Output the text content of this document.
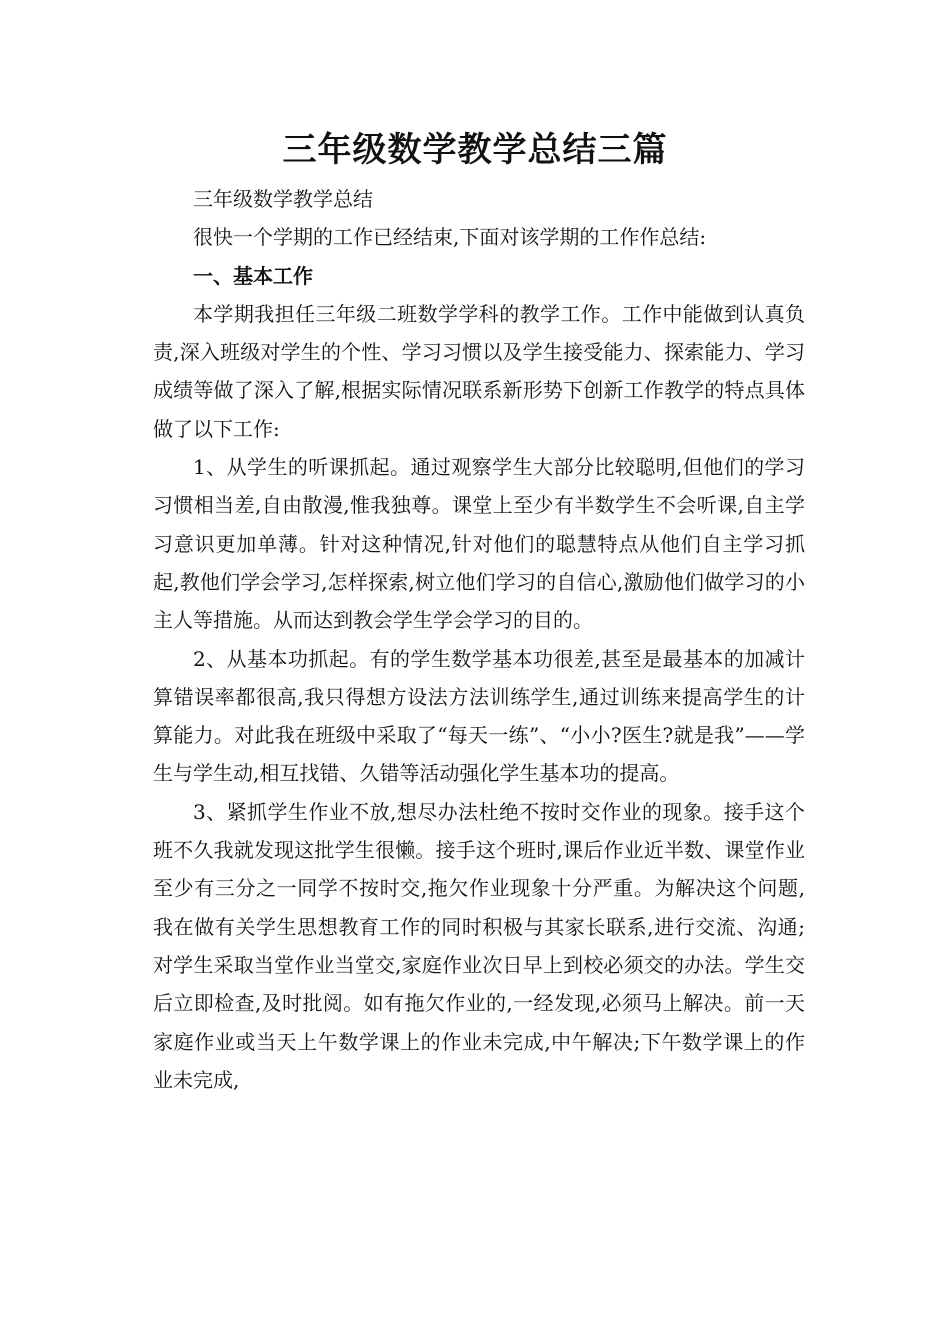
三年级数学教学总结三篇

三年级数学教学总结

很快一个学期的工作已经结束,下面对该学期的工作作总结:

一、基本工作

本学期我担任三年级二班数学学科的教学工作。工作中能做到认真负责,深入班级对学生的个性、学习习惯以及学生接受能力、探索能力、学习成绩等做了深入了解,根据实际情况联系新形势下创新工作教学的特点具体做了以下工作:

1、从学生的听课抓起。通过观察学生大部分比较聪明,但他们的学习习惯相当差,自由散漫,惟我独尊。课堂上至少有半数学生不会听课,自主学习意识更加单薄。针对这种情况,针对他们的聪慧特点从他们自主学习抓起,教他们学会学习,怎样探索,树立他们学习的自信心,激励他们做学习的小主人等措施。从而达到教会学生学会学习的目的。

2、从基本功抓起。有的学生数学基本功很差,甚至是最基本的加减计算错误率都很高,我只得想方设法方法训练学生,通过训练来提高学生的计算能力。对此我在班级中采取了“每天一练”、“小小?医生?就是我”——学生与学生动,相互找错、久错等活动强化学生基本功的提高。

3、紧抓学生作业不放,想尽办法杜绝不按时交作业的现象。接手这个班不久我就发现这批学生很懒。接手这个班时,课后作业近半数、课堂作业至少有三分之一同学不按时交,拖欠作业现象十分严重。为解决这个问题,我在做有关学生思想教育工作的同时积极与其家长联系,进行交流、沟通;对学生采取当堂作业当堂交,家庭作业次日早上到校必须交的办法。学生交后立即检查,及时批阅。如有拖欠作业的,一经发现,必须马上解决。前一天家庭作业或当天上午数学课上的作业未完成,中午解决;下午数学课上的作业未完成,
